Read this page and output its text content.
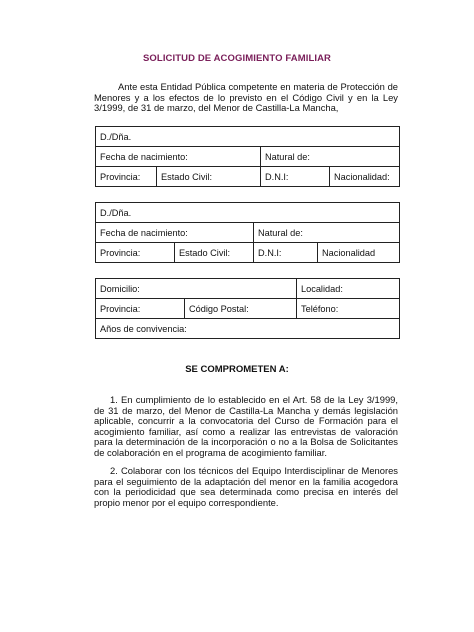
SOLICITUD DE ACOGIMIENTO FAMILIAR
Ante esta Entidad Pública competente en materia de Protección de Menores y a los efectos de lo previsto en el Código Civil y en la Ley 3/1999, de 31 de marzo, del Menor de Castilla-La Mancha,
D./Dña.			
Fecha de nacimiento:		Natural de:	
Provincia:	Estado Civil:	D.N.I:	Nacionalidad:
D./Dña.			
Fecha de nacimiento:		Natural de:	
Provincia:	Estado Civil:	D.N.I:	Nacionalidad
Domicilio:		Localidad:
Provincia:	Código Postal:	Teléfono:
Años de convivencia:		
SE COMPROMETEN A:
1. En cumplimiento de lo establecido en el Art. 58 de la Ley 3/1999, de 31 de marzo, del Menor de Castilla-La Mancha y demás legislación aplicable, concurrir a la convocatoria del Curso de Formación para el acogimiento familiar, así como a realizar las entrevistas de valoración para la determinación de la incorporación o no a la Bolsa de Solicitantes de colaboración en el programa de acogimiento familiar.
2. Colaborar con los técnicos del Equipo Interdisciplinar de Menores para el seguimiento de la adaptación del menor en la familia acogedora con la periodicidad que sea determinada como precisa en interés del propio menor por el equipo correspondiente.
